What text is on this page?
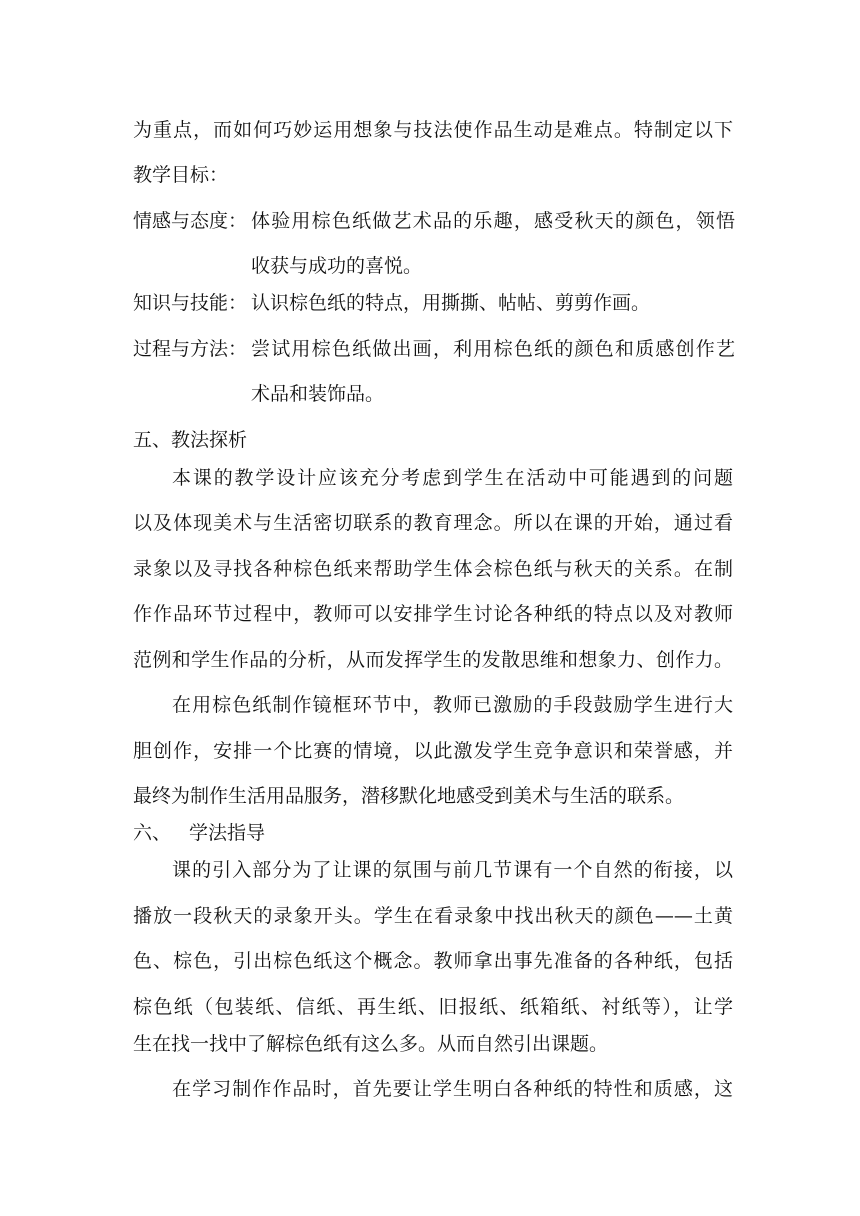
为重点，而如何巧妙运用想象与技法使作品生动是难点。特制定以下
教学目标：
情感与态度： 体验用棕色纸做艺术品的乐趣，感受秋天的颜色，领悟
收获与成功的喜悦。
知识与技能： 认识棕色纸的特点，用撕撕、帖帖、剪剪作画。
过程与方法： 尝试用棕色纸做出画，利用棕色纸的颜色和质感创作艺
术品和装饰品。
五、教法探析
本课的教学设计应该充分考虑到学生在活动中可能遇到的问题
以及体现美术与生活密切联系的教育理念。所以在课的开始，通过看
录象以及寻找各种棕色纸来帮助学生体会棕色纸与秋天的关系。在制
作作品环节过程中，教师可以安排学生讨论各种纸的特点以及对教师
范例和学生作品的分析，从而发挥学生的发散思维和想象力、创作力。
在用棕色纸制作镜框环节中，教师已激励的手段鼓励学生进行大
胆创作，安排一个比赛的情境，以此激发学生竞争意识和荣誉感，并
最终为制作生活用品服务，潜移默化地感受到美术与生活的联系。
六、 学法指导
课的引入部分为了让课的氛围与前几节课有一个自然的衔接，以
播放一段秋天的录象开头。学生在看录象中找出秋天的颜色——土黄
色、棕色，引出棕色纸这个概念。教师拿出事先准备的各种纸，包括
棕色纸（包装纸、信纸、再生纸、旧报纸、纸箱纸、衬纸等），让学
生在找一找中了解棕色纸有这么多。从而自然引出课题。
在学习制作作品时，首先要让学生明白各种纸的特性和质感，这
